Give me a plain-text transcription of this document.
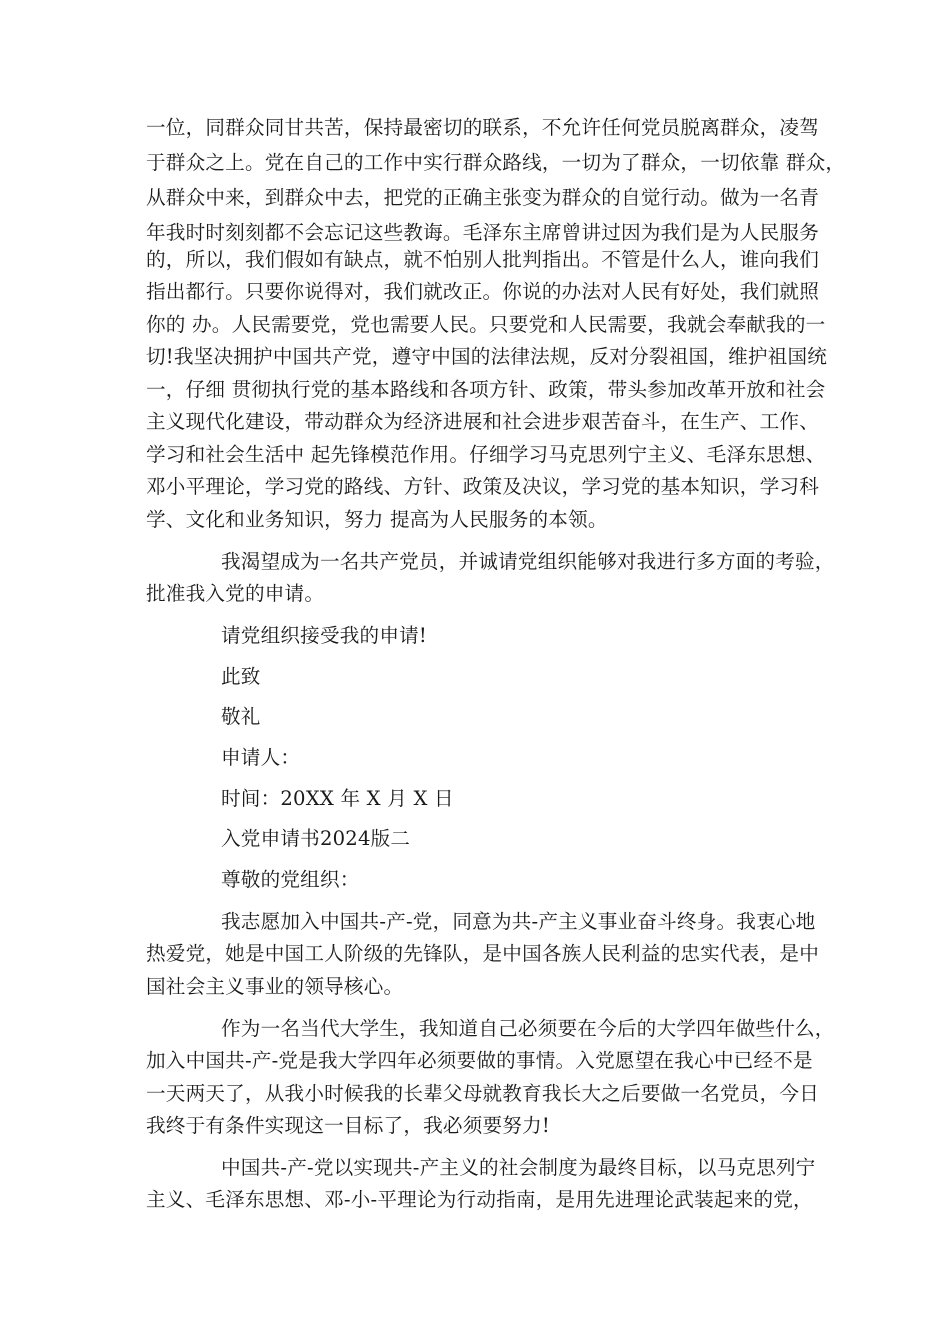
一位，同群众同甘共苦，保持最密切的联系，不允许任何党员脱离群众，凌驾
于群众之上。党在自己的工作中实行群众路线，一切为了群众，一切依靠 群众，
从群众中来，到群众中去，把党的正确主张变为群众的自觉行动。做为一名青
年我时时刻刻都不会忘记这些教诲。毛泽东主席曾讲过因为我们是为人民服务
的，所以，我们假如有缺点，就不怕别人批判指出。不管是什么人，谁向我们
指出都行。只要你说得对，我们就改正。你说的办法对人民有好处，我们就照
你的 办。人民需要党，党也需要人民。只要党和人民需要，我就会奉献我的一
切!我坚决拥护中国共产党，遵守中国的法律法规，反对分裂祖国，维护祖国统
一，仔细 贯彻执行党的基本路线和各项方针、政策，带头参加改革开放和社会
主义现代化建设，带动群众为经济进展和社会进步艰苦奋斗，在生产、工作、
学习和社会生活中 起先锋模范作用。仔细学习马克思列宁主义、毛泽东思想、
邓小平理论，学习党的路线、方针、政策及决议，学习党的基本知识，学习科
学、文化和业务知识，努力 提高为人民服务的本领。
我渴望成为一名共产党员，并诚请党组织能够对我进行多方面的考验，
批准我入党的申请。
请党组织接受我的申请!
此致
敬礼
申请人：
时间：20XX 年 X 月 X 日
入党申请书2024版二
尊敬的党组织：
我志愿加入中国共-产-党，同意为共-产主义事业奋斗终身。我衷心地
热爱党，她是中国工人阶级的先锋队，是中国各族人民利益的忠实代表，是中
国社会主义事业的领导核心。
作为一名当代大学生，我知道自己必须要在今后的大学四年做些什么，
加入中国共-产-党是我大学四年必须要做的事情。入党愿望在我心中已经不是
一天两天了，从我小时候我的长辈父母就教育我长大之后要做一名党员，今日
我终于有条件实现这一目标了，我必须要努力!
中国共-产-党以实现共-产主义的社会制度为最终目标，以马克思列宁
主义、毛泽东思想、邓-小-平理论为行动指南，是用先进理论武装起来的党，
